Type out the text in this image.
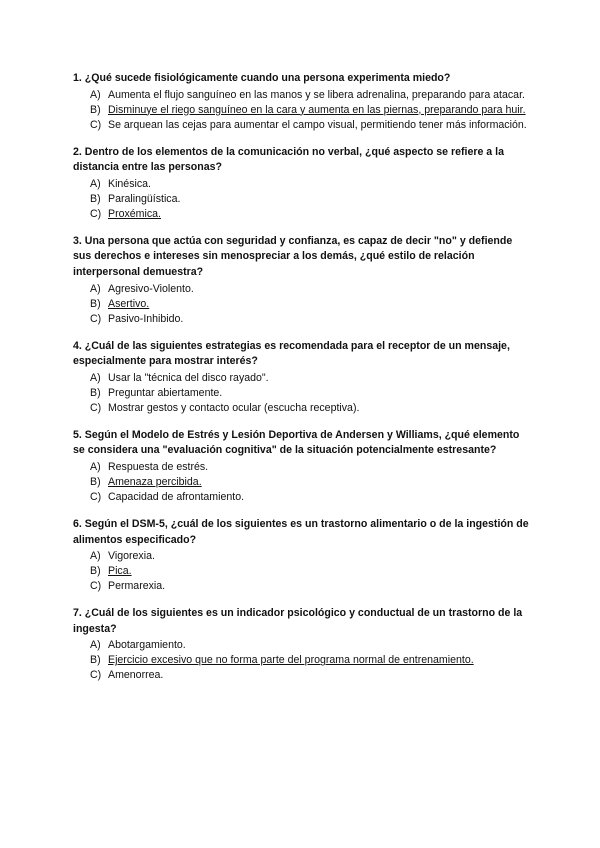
1. ¿Qué sucede fisiológicamente cuando una persona experimenta miedo?
A) Aumenta el flujo sanguíneo en las manos y se libera adrenalina, preparando para atacar.
B) Disminuye el riego sanguíneo en la cara y aumenta en las piernas, preparando para huir.
C) Se arquean las cejas para aumentar el campo visual, permitiendo tener más información.
2. Dentro de los elementos de la comunicación no verbal, ¿qué aspecto se refiere a la distancia entre las personas?
A) Kinésica.
B) Paralingüística.
C) Proxémica.
3. Una persona que actúa con seguridad y confianza, es capaz de decir "no" y defiende sus derechos e intereses sin menospreciar a los demás, ¿qué estilo de relación interpersonal demuestra?
A) Agresivo-Violento.
B) Asertivo.
C) Pasivo-Inhibido.
4. ¿Cuál de las siguientes estrategias es recomendada para el receptor de un mensaje, especialmente para mostrar interés?
A) Usar la "técnica del disco rayado".
B) Preguntar abiertamente.
C) Mostrar gestos y contacto ocular (escucha receptiva).
5. Según el Modelo de Estrés y Lesión Deportiva de Andersen y Williams, ¿qué elemento se considera una "evaluación cognitiva" de la situación potencialmente estresante?
A) Respuesta de estrés.
B) Amenaza percibida.
C) Capacidad de afrontamiento.
6. Según el DSM-5, ¿cuál de los siguientes es un trastorno alimentario o de la ingestión de alimentos especificado?
A) Vigorexia.
B) Pica.
C) Permarexia.
7. ¿Cuál de los siguientes es un indicador psicológico y conductual de un trastorno de la ingesta?
A) Abotargamiento.
B) Ejercicio excesivo que no forma parte del programa normal de entrenamiento.
C) Amenorrea.
